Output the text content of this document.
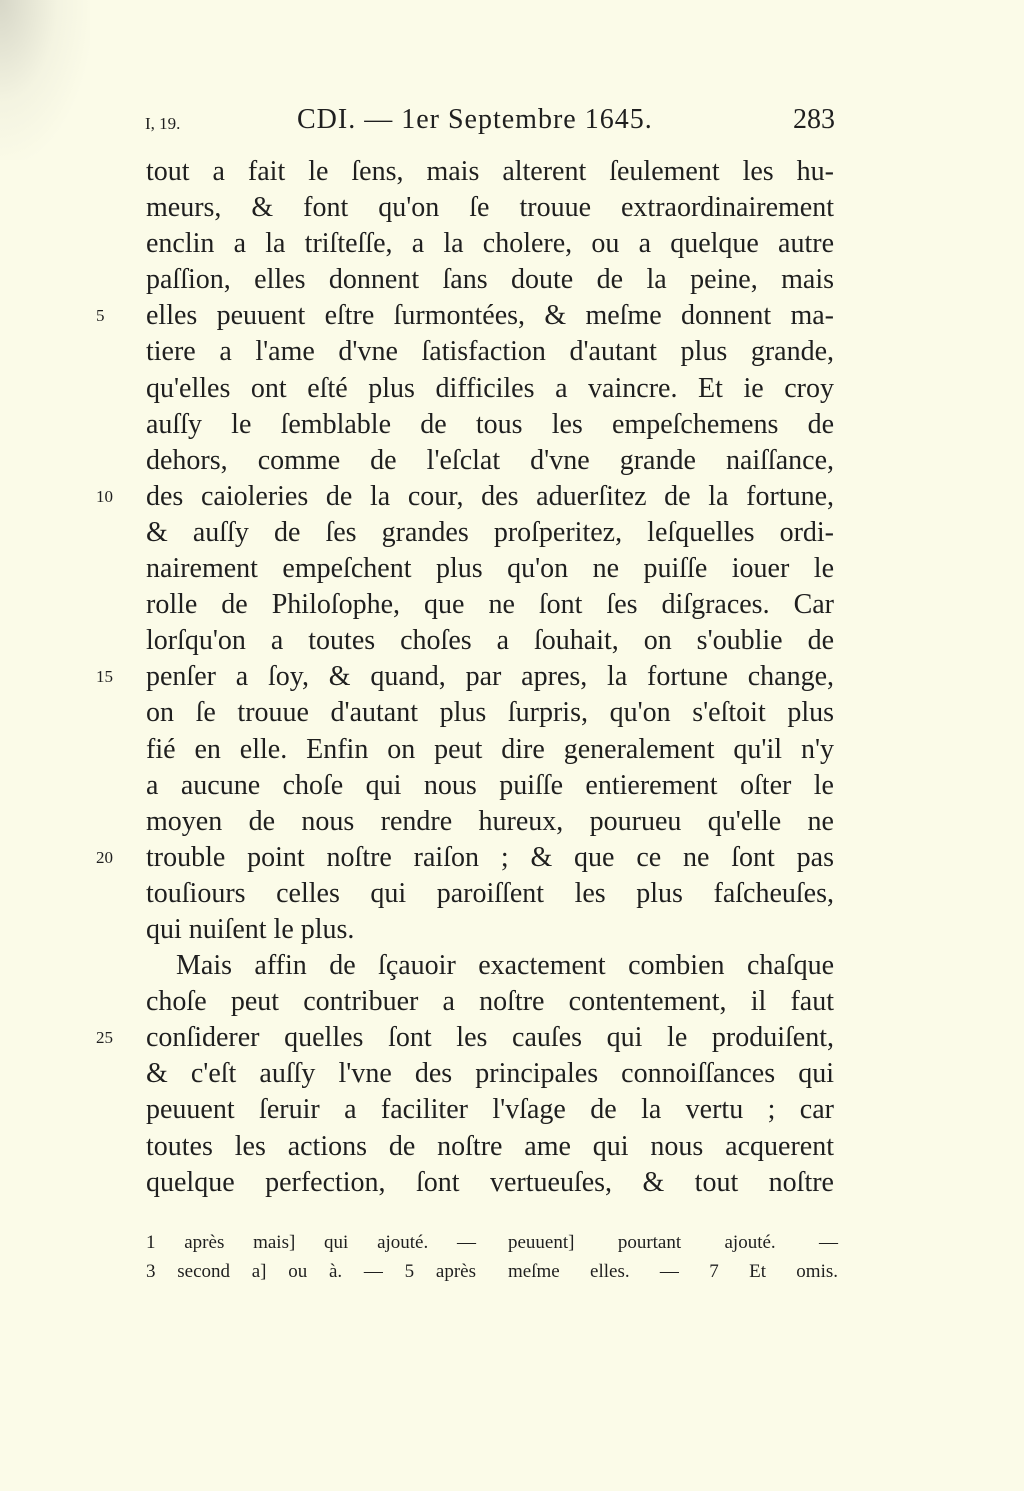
I, 19.	CDI. — 1er Septembre 1645.	283
tout a fait le ſens, mais alterent ſeulement les hu-
meurs, & font qu'on ſe trouue extraordinairement
enclin a la triſteſſe, a la cholere, ou a quelque autre
paſſion, elles donnent ſans doute de la peine, mais
5	elles peuuent eſtre ſurmontées, & meſme donnent ma-
tiere a l'ame d'vne ſatisfaction d'autant plus grande,
qu'elles ont eſté plus difficiles a vaincre. Et ie croy
auſſy le ſemblable de tous les empeſchemens de
dehors, comme de l'eſclat d'vne grande naiſſance,
10	des caioleries de la cour, des aduerſitez de la fortune,
& auſſy de ſes grandes proſperitez, leſquelles ordi-
nairement empeſchent plus qu'on ne puiſſe iouer le
rolle de Philoſophe, que ne ſont ſes diſgraces. Car
lorſqu'on a toutes choſes a ſouhait, on s'oublie de
15	penſer a ſoy, & quand, par apres, la fortune change,
on ſe trouue d'autant plus ſurpris, qu'on s'eſtoit plus
fié en elle. Enfin on peut dire generalement qu'il n'y
a aucune choſe qui nous puiſſe entierement oſter le
moyen de nous rendre hureux, pourueu qu'elle ne
20	trouble point noſtre raiſon ; & que ce ne ſont pas
touſiours celles qui paroiſſent les plus faſcheuſes,
qui nuiſent le plus.
Mais affin de ſçauoir exactement combien chaſque
choſe peut contribuer a noſtre contentement, il faut
25	conſiderer quelles ſont les cauſes qui le produiſent,
& c'eſt auſſy l'vne des principales connoiſſances qui
peuuent ſeruir a faciliter l'vſage de la vertu ; car
toutes les actions de noſtre ame qui nous acquerent
quelque perfection, ſont vertueuſes, & tout noſtre
1 après mais] qui ajouté. —
3 second a] ou à. — 5 après
peuuent] pourtant ajouté. —
meſme elles. — 7 Et omis.
